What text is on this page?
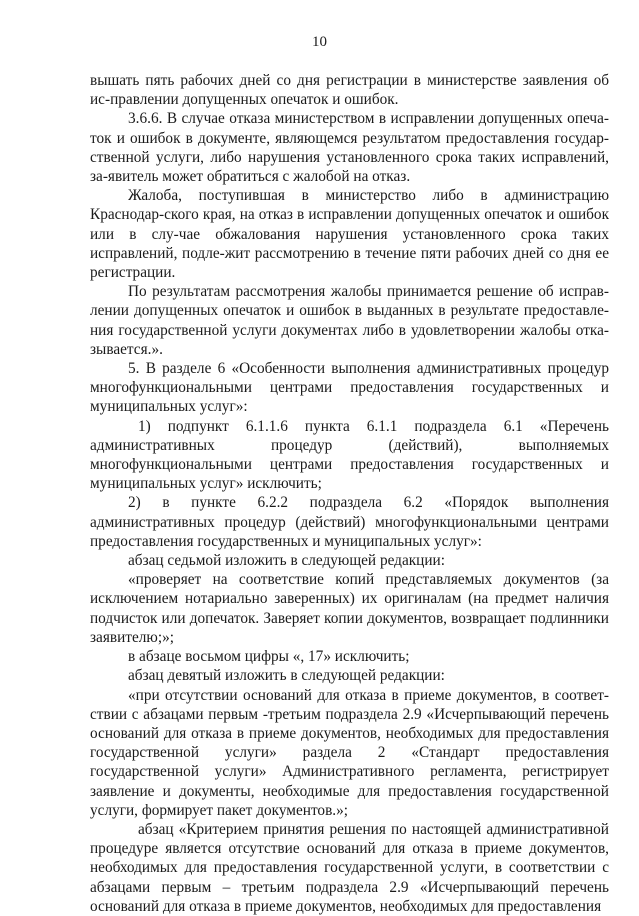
10

вышать пять рабочих дней со дня регистрации в министерстве заявления об ис-правлении допущенных опечаток и ошибок.

3.6.6. В случае отказа министерством в исправлении допущенных опеча-ток и ошибок в документе, являющемся результатом предоставления государ-ственной услуги, либо нарушения установленного срока таких исправлений, за-явитель может обратиться с жалобой на отказ.

Жалоба, поступившая в министерство либо в администрацию Краснодар-ского края, на отказ в исправлении допущенных опечаток и ошибок или в слу-чае обжалования нарушения установленного срока таких исправлений, подле-жит рассмотрению в течение пяти рабочих дней со дня ее регистрации.

По результатам рассмотрения жалобы принимается решение об исправ-лении допущенных опечаток и ошибок в выданных в результате предоставле-ния государственной услуги документах либо в удовлетворении жалобы отка-зывается.».

5. В разделе 6 «Особенности выполнения административных процедур многофункциональными центрами предоставления государственных и муниципальных услуг»:

1) подпункт 6.1.1.6 пункта 6.1.1 подраздела 6.1 «Перечень административных процедур (действий), выполняемых многофункциональными центрами предоставления государственных и муниципальных услуг» исключить;

2) в пункте 6.2.2 подраздела 6.2 «Порядок выполнения административных процедур (действий) многофункциональными центрами предоставления государственных и муниципальных услуг»:

абзац седьмой изложить в следующей редакции:

«проверяет на соответствие копий представляемых документов (за исключением нотариально заверенных) их оригиналам (на предмет наличия подчисток или допечаток. Заверяет копии документов, возвращает подлинники заявителю;»;

в абзаце восьмом цифры «, 17» исключить;

абзац девятый изложить в следующей редакции:

«при отсутствии оснований для отказа в приеме документов, в соответ-ствии с абзацами первым -третьим подраздела 2.9 «Исчерпывающий перечень оснований для отказа в приеме документов, необходимых для предоставления государственной услуги» раздела 2 «Стандарт предоставления государственной услуги» Административного регламента, регистрирует заявление и документы, необходимые для предоставления государственной услуги, формирует пакет документов.»;

абзац «Критерием принятия решения по настоящей административной процедуре является отсутствие оснований для отказа в приеме документов, необходимых для предоставления государственной услуги, в соответствии с абзацами первым – третьим подраздела 2.9 «Исчерпывающий перечень оснований для отказа в приеме документов, необходимых для предоставления
